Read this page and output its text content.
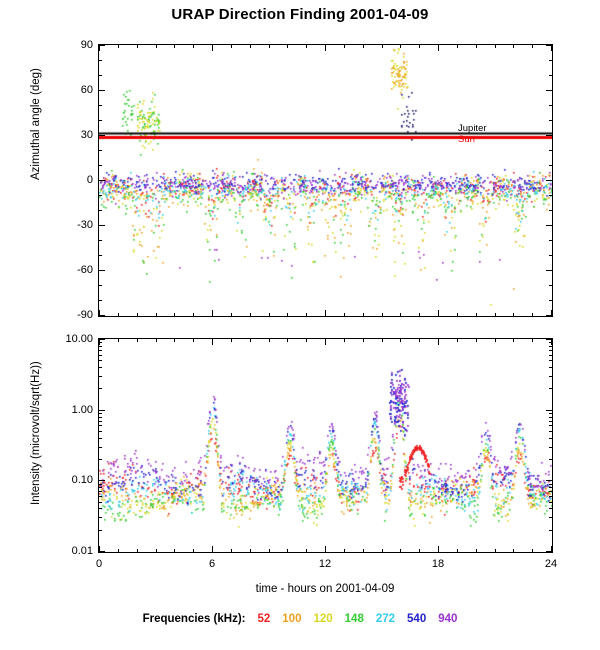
URAP Direction Finding 2001-04-09
-90
-60
-30
0
30
60
90
Azimuthal angle (deg)
0.01
0.10
1.00
10.00
0	6	12	18	24
Intensity (microvolt/sqrt(Hz))
time - hours on 2001-04-09
Frequencies (kHz): 52 100 120 148 272 540 940
Jupiter
Sun
